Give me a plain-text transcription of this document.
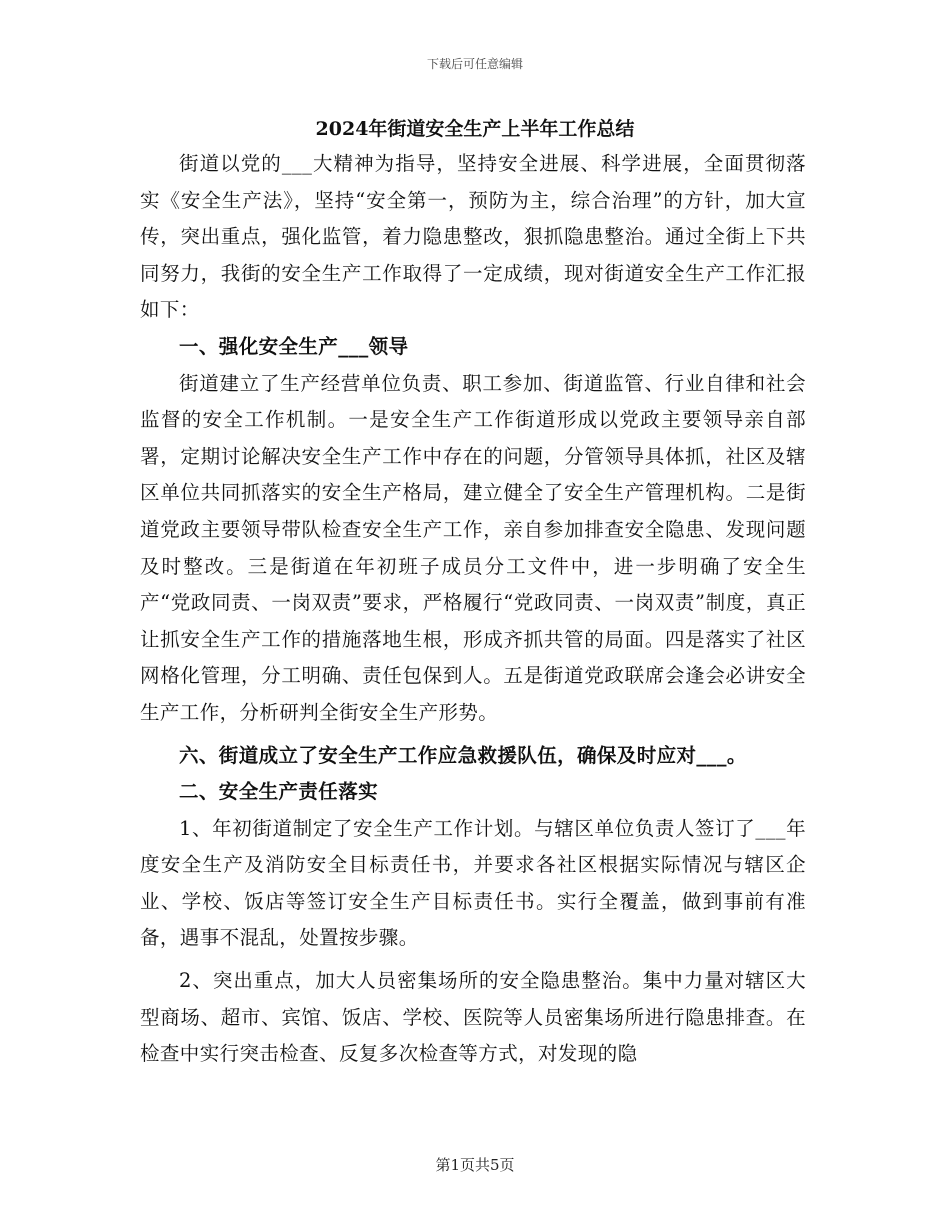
下载后可任意编辑
2024年街道安全生产上半年工作总结

街道以党的___大精神为指导，坚持安全进展、科学进展，全面贯彻落实《安全生产法》，坚持“安全第一，预防为主，综合治理”的方针，加大宣传，突出重点，强化监管，着力隐患整改，狠抓隐患整治。通过全街上下共同努力，我街的安全生产工作取得了一定成绩，现对街道安全生产工作汇报如下：

一、强化安全生产___领导

街道建立了生产经营单位负责、职工参加、街道监管、行业自律和社会监督的安全工作机制。一是安全生产工作街道形成以党政主要领导亲自部署，定期讨论解决安全生产工作中存在的问题，分管领导具体抓，社区及辖区单位共同抓落实的安全生产格局，建立健全了安全生产管理机构。二是街道党政主要领导带队检查安全生产工作，亲自参加排查安全隐患、发现问题及时整改。三是街道在年初班子成员分工文件中，进一步明确了安全生产“党政同责、一岗双责”要求，严格履行“党政同责、一岗双责”制度，真正让抓安全生产工作的措施落地生根，形成齐抓共管的局面。四是落实了社区网格化管理，分工明确、责任包保到人。五是街道党政联席会逢会必讲安全生产工作，分析研判全街安全生产形势。

六、街道成立了安全生产工作应急救援队伍，确保及时应对___。

二、安全生产责任落实

1、年初街道制定了安全生产工作计划。与辖区单位负责人签订了___年度安全生产及消防安全目标责任书，并要求各社区根据实际情况与辖区企业、学校、饭店等签订安全生产目标责任书。实行全覆盖，做到事前有准备，遇事不混乱，处置按步骤。

2、突出重点，加大人员密集场所的安全隐患整治。集中力量对辖区大型商场、超市、宾馆、饭店、学校、医院等人员密集场所进行隐患排查。在检查中实行突击检查、反复多次检查等方式，对发现的隐

第1页共5页
